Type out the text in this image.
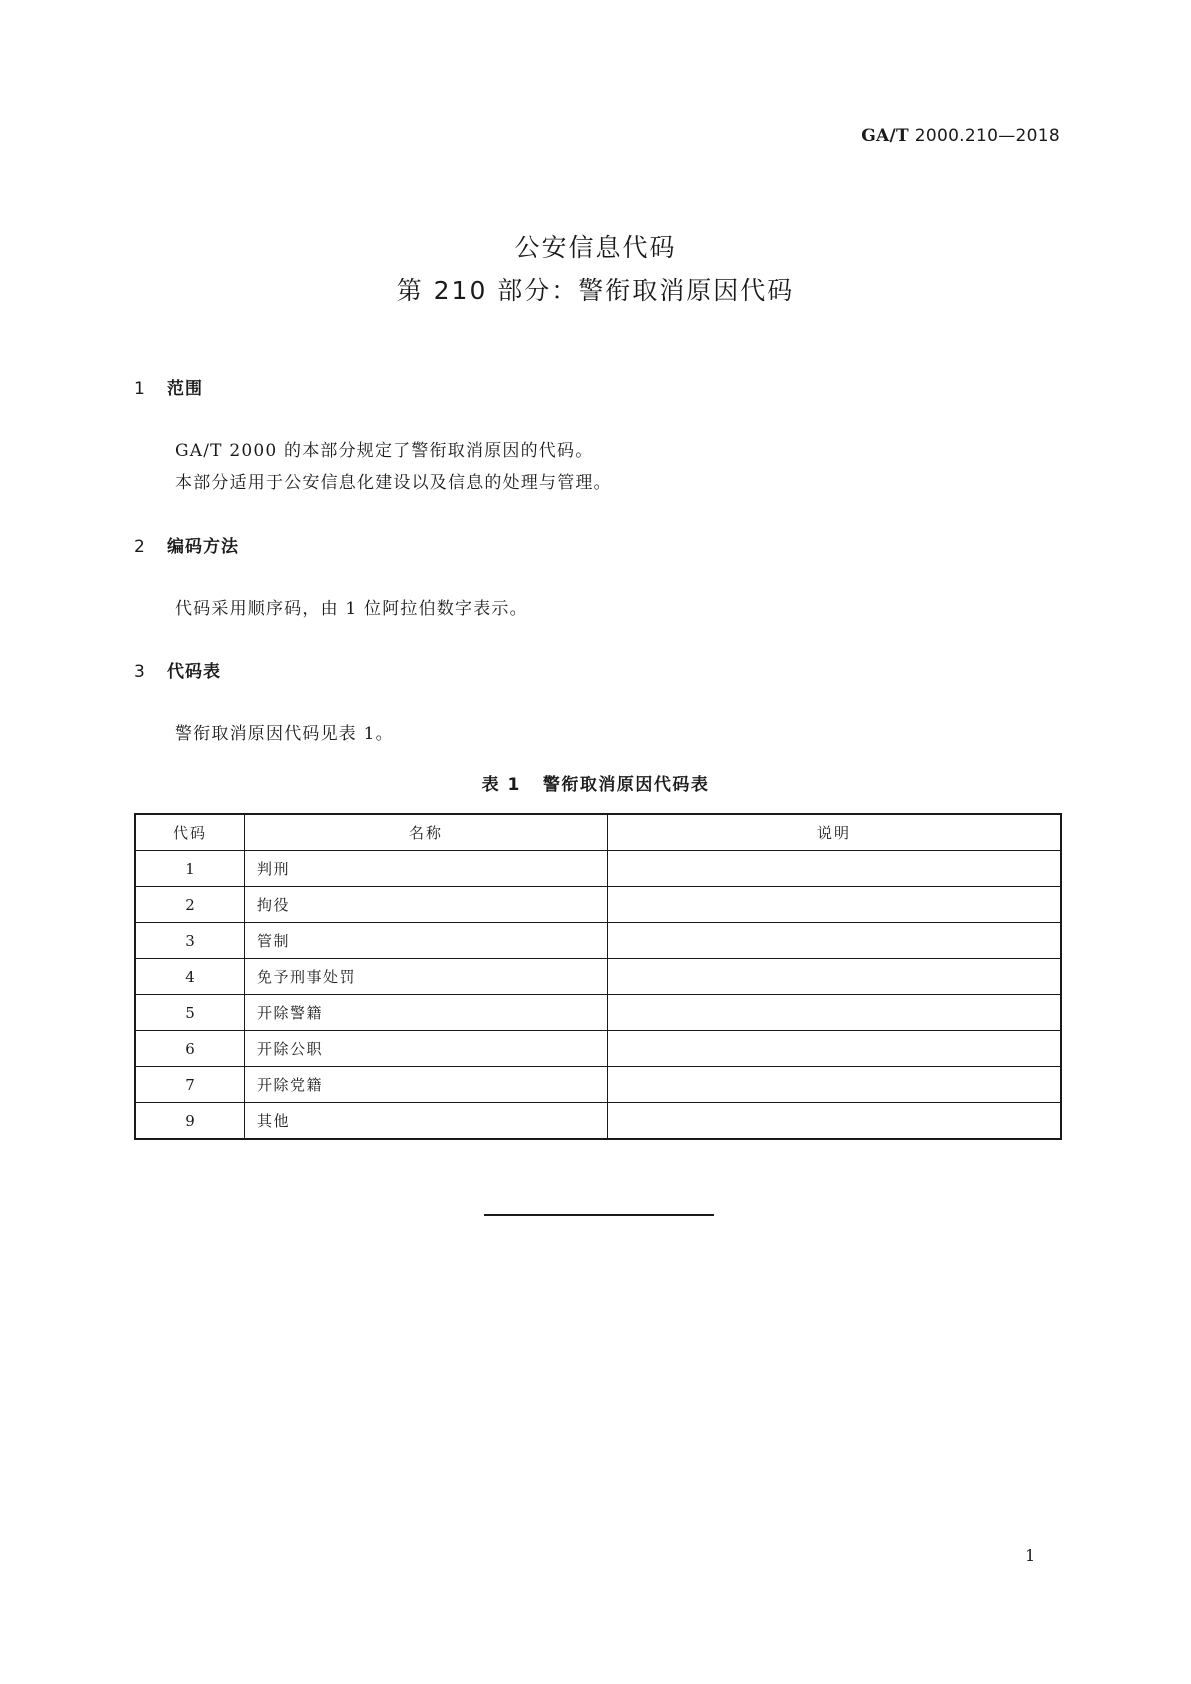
GA/T 2000.210—2018
公安信息代码
第 210 部分：警衔取消原因代码
1 范围
GA/T 2000 的本部分规定了警衔取消原因的代码。
本部分适用于公安信息化建设以及信息的处理与管理。
2 编码方法
代码采用顺序码，由 1 位阿拉伯数字表示。
3 代码表
警衔取消原因代码见表 1。
表 1 警衔取消原因代码表
代码	名称	说明
1	判刑	
2	拘役	
3	管制	
4	免予刑事处罚	
5	开除警籍	
6	开除公职	
7	开除党籍	
9	其他	
1
